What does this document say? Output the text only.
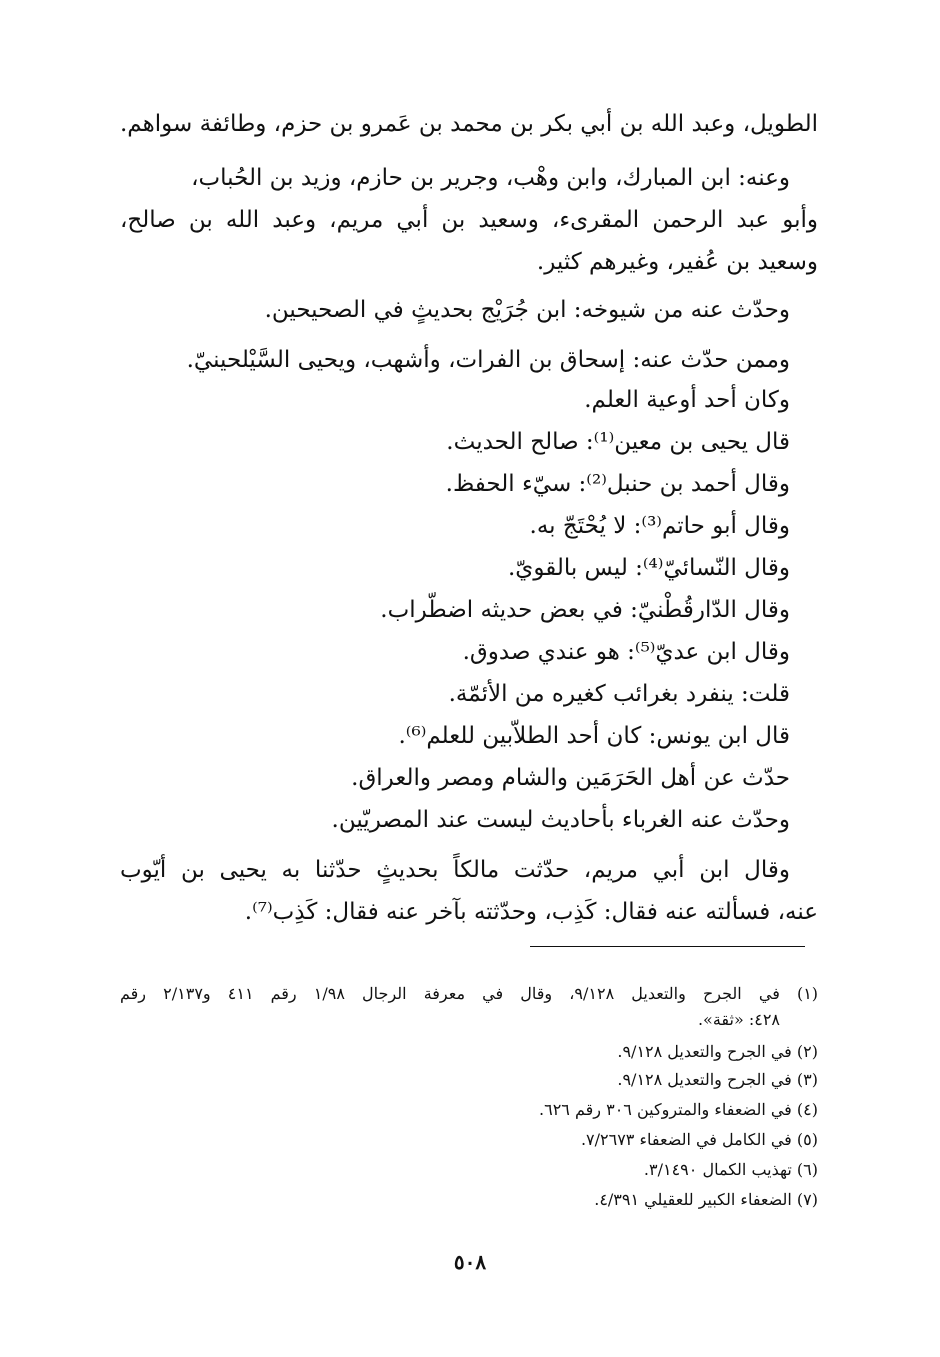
الطويل، وعبد الله بن أبي بكر بن محمد بن عَمرو بن حزم، وطائفة سواهم.
وعنه: ابن المبارك، وابن وهْب، وجرير بن حازم، وزيد بن الحُباب،
وأبو عبد الرحمن المقرىء، وسعيد بن أبي مريم، وعبد الله بن صالح،
وسعيد بن عُفير، وغيرهم كثير.
وحدّث عنه من شيوخه: ابن جُرَيْج بحديثٍ في الصحيحين.
وممن حدّث عنه: إسحاق بن الفرات، وأشهب، ويحيى السَّيْلحينيّ.
وكان أحد أوعية العلم.
قال يحيى بن معين⁽¹⁾: صالح الحديث.
وقال أحمد بن حنبل⁽²⁾: سيّء الحفظ.
وقال أبو حاتم⁽³⁾: لا يُحْتَجّ به.
وقال النّسائيّ⁽⁴⁾: ليس بالقويّ.
وقال الدّارقُطْنيّ: في بعض حديثه اضطّراب.
وقال ابن عديّ⁽⁵⁾: هو عندي صدوق.
قلت: ينفرد بغرائب كغيره من الأئمّة.
قال ابن يونس: كان أحد الطلاّبين للعلم⁽⁶⁾.
حدّث عن أهل الحَرَمَين والشام ومصر والعراق.
وحدّث عنه الغرباء بأحاديث ليست عند المصريّين.
وقال ابن أبي مريم، حدّثت مالكاً بحديثٍ حدّثنا به يحيى بن أيّوب
عنه، فسألته عنه فقال: كَذِب، وحدّثته بآخر عنه فقال: كَذِب⁽⁷⁾.
(١) في الجرح والتعديل ٩/١٢٨، وقال في معرفة الرجال ١/٩٨ رقم ٤١١ و٢/١٣٧ رقم
٤٢٨: «ثقة».
(٢) في الجرح والتعديل ٩/١٢٨.
(٣) في الجرح والتعديل ٩/١٢٨.
(٤) في الضعفاء والمتروكين ٣٠٦ رقم ٦٢٦.
(٥) في الكامل في الضعفاء ٧/٢٦٧٣.
(٦) تهذيب الكمال ٣/١٤٩٠.
(٧) الضعفاء الكبير للعقيلي ٤/٣٩١.
٥٠٨
